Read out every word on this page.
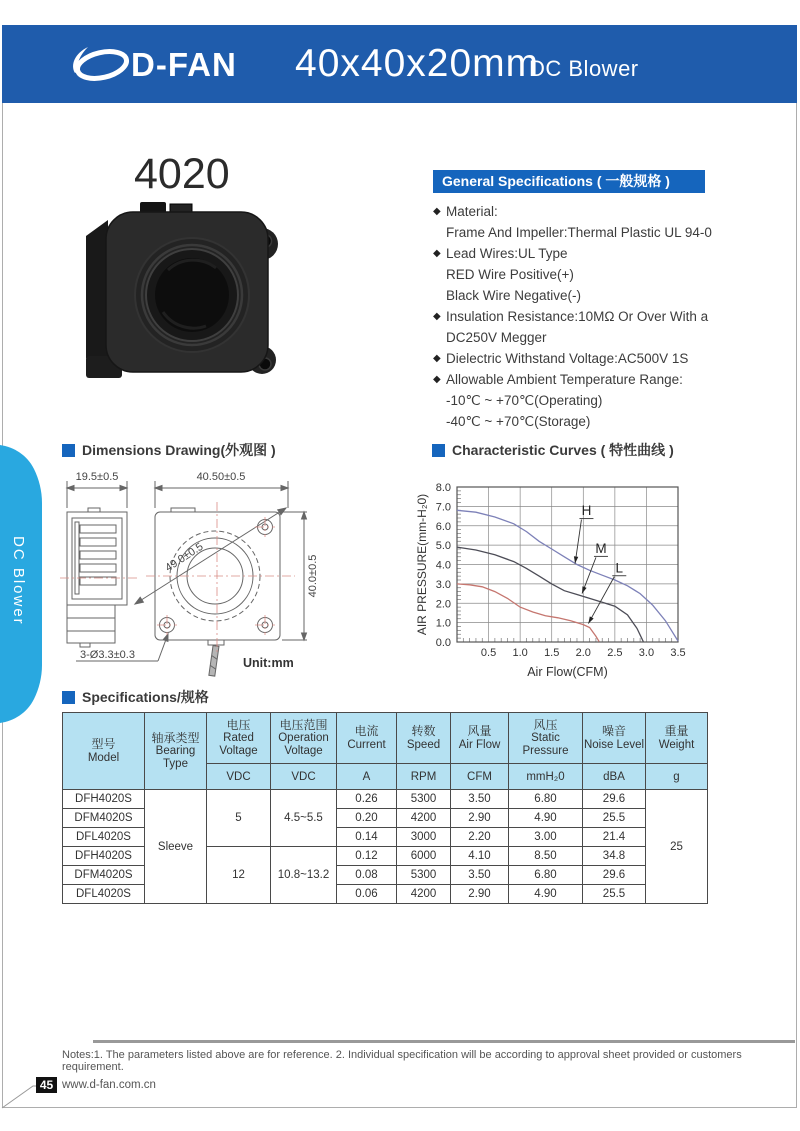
D-FAN 40x40x20mm
DC Blower
DC Blower
4020	General Specifications ( 一般规格 )
◆ Material:
Frame And Impeller:Thermal Plastic UL 94-0
◆ Lead Wires:UL Type
RED Wire Positive(+)
Black Wire Negative(-)
◆ Insulation Resistance:10MΩ Or Over With a
DC250V Megger
◆ Dielectric Withstand Voltage:AC500V 1S
◆ Allowable Ambient Temperature Range:
-10℃ ~ +70℃(Operating)
-40℃ ~ +70℃(Storage)
Dimensions Drawing(外观图 )	Characteristic Curves ( 特性曲线 )
Specifications/规格
19.5±0.5	40.50±0.5
49.0±0.5	40.0±0.5
3-Ø3.3±0.3
Unit:mm
0.5 1.0 1.5 2.0 2.5 3.0 3.5
0.0
1.0
2.0
3.0
4.0
5.0
6.0
7.0
8.0
H
M
L
Air Flow(CFM)
AIR PRESSURE(mm-H₂0)
型号
Model

轴承类型
Bearing Type

电压
Rated Voltage

电压范围
Operation Voltage

电流
Current

转数
Speed

风量
Air Flow

风压
Static Pressure

噪音
Noise Level

重量
Weight

		VDC	VDC	A	RPM	CFM	mmH₂0	dBA	g
DFH4020S	Sleeve	5	4.5~5.5	0.26	5300	3.50	6.80	29.6	25
DFM4020S				0.20	4200	2.90	4.90	25.5	
DFL4020S				0.14	3000	2.20	3.00	21.4	
DFH4020S		12	10.8~13.2	0.12	6000	4.10	8.50	34.8	
DFM4020S				0.08	5300	3.50	6.80	29.6	
DFL4020S				0.06	4200	2.90	4.90	25.5	
Notes:1. The parameters listed above are for reference. 2. Individual specification will be according to approval sheet provided or customers requirement.
45 www.d-fan.com.cn
